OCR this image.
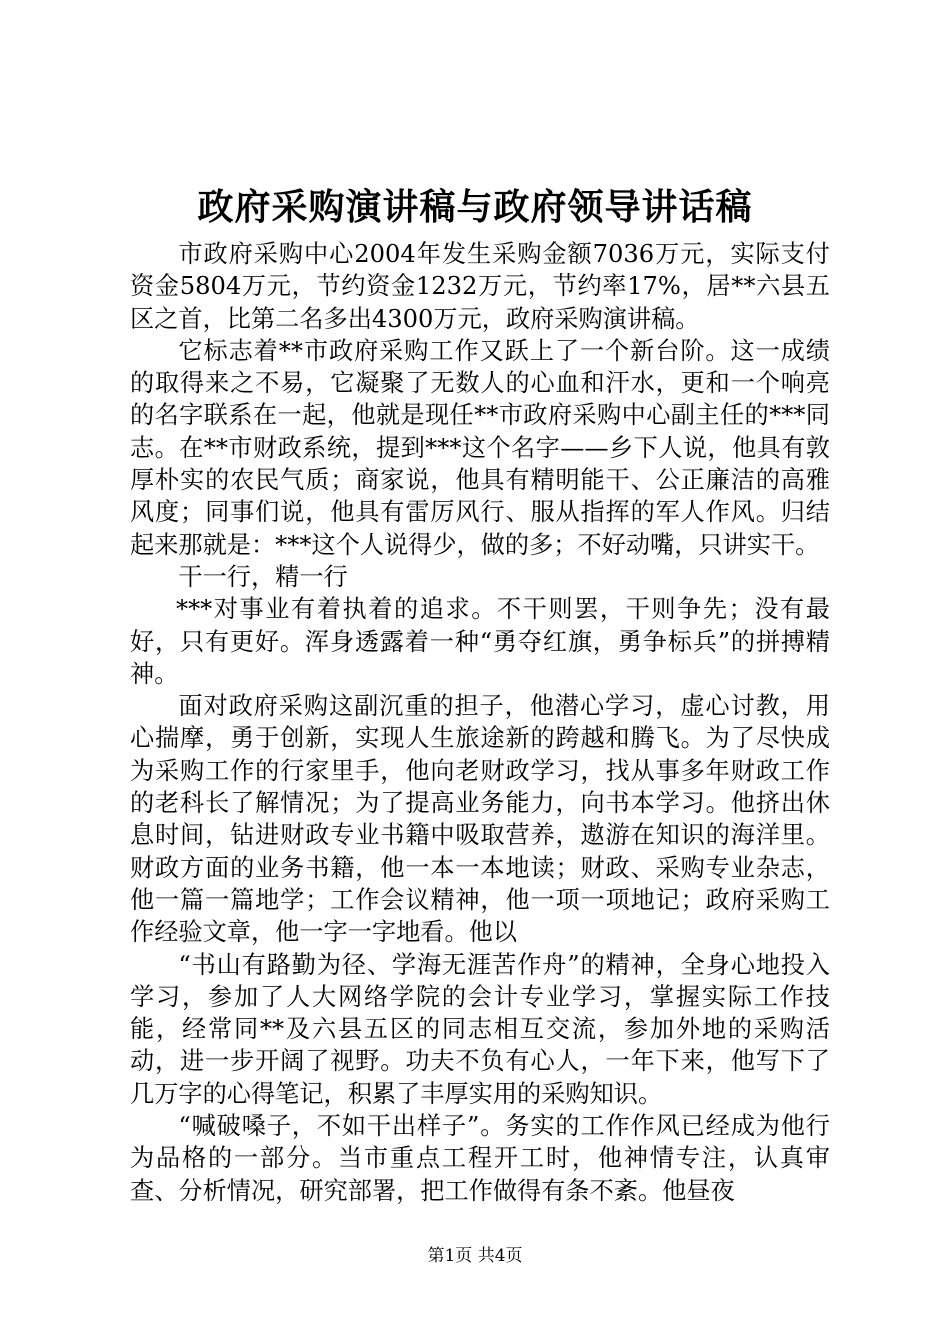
政府采购演讲稿与政府领导讲话稿

市政府采购中心2004年发生采购金额7036万元，实际支付资金5804万元，节约资金1232万元，节约率17%，居**六县五区之首，比第二名多出4300万元，政府采购演讲稿。

它标志着**市政府采购工作又跃上了一个新台阶。这一成绩的取得来之不易，它凝聚了无数人的心血和汗水，更和一个响亮的名字联系在一起，他就是现任**市政府采购中心副主任的***同志。在**市财政系统，提到***这个名字——乡下人说，他具有敦厚朴实的农民气质；商家说，他具有精明能干、公正廉洁的高雅风度；同事们说，他具有雷厉风行、服从指挥的军人作风。归结起来那就是：***这个人说得少，做的多；不好动嘴，只讲实干。

干一行，精一行

***对事业有着执着的追求。不干则罢，干则争先；没有最好，只有更好。浑身透露着一种“勇夺红旗，勇争标兵”的拼搏精神。

面对政府采购这副沉重的担子，他潜心学习，虚心讨教，用心揣摩，勇于创新，实现人生旅途新的跨越和腾飞。为了尽快成为采购工作的行家里手，他向老财政学习，找从事多年财政工作的老科长了解情况；为了提高业务能力，向书本学习。他挤出休息时间，钻进财政专业书籍中吸取营养，遨游在知识的海洋里。财政方面的业务书籍，他一本一本地读；财政、采购专业杂志，他一篇一篇地学；工作会议精神，他一项一项地记；政府采购工作经验文章，他一字一字地看。他以

“书山有路勤为径、学海无涯苦作舟”的精神，全身心地投入学习，参加了人大网络学院的会计专业学习，掌握实际工作技能，经常同**及六县五区的同志相互交流，参加外地的采购活动，进一步开阔了视野。功夫不负有心人，一年下来，他写下了几万字的心得笔记，积累了丰厚实用的采购知识。

“喊破嗓子，不如干出样子”。务实的工作作风已经成为他行为品格的一部分。当市重点工程开工时，他神情专注，认真审查、分析情况，研究部署，把工作做得有条不紊。他昼夜

第1页 共4页
